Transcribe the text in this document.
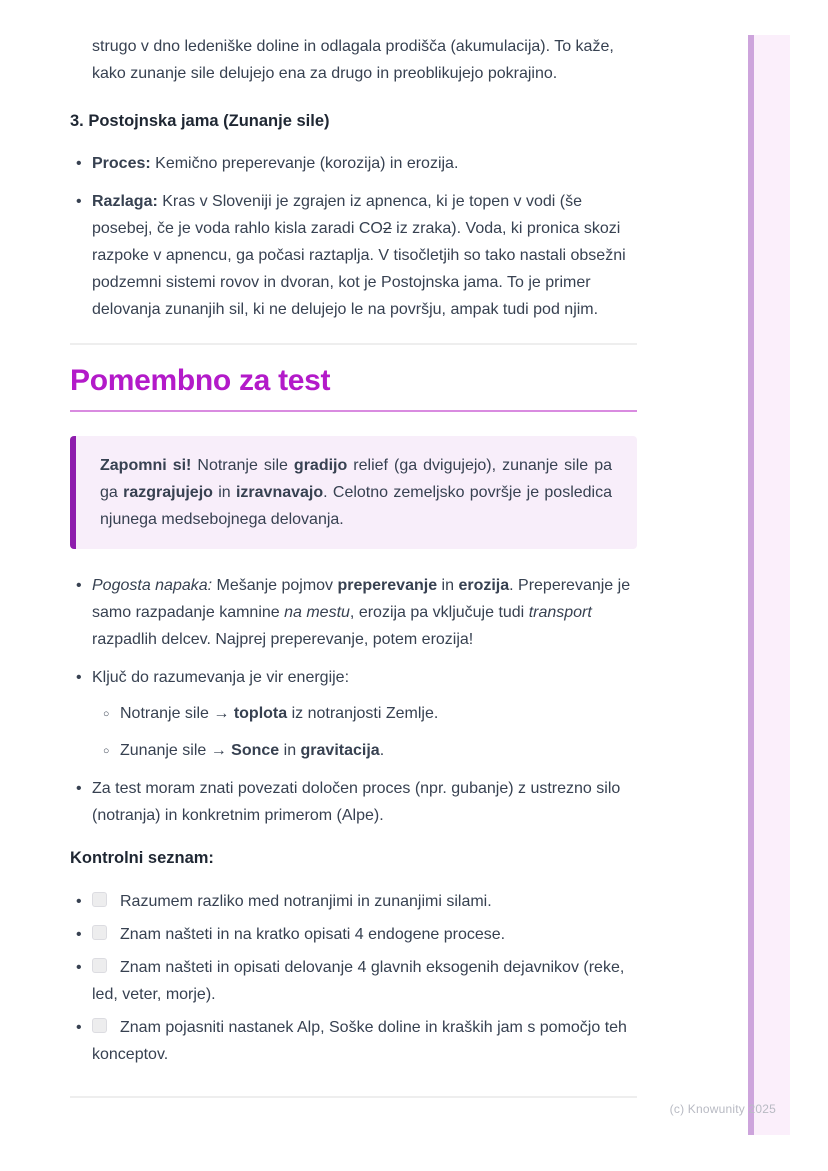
strugo v dno ledeniške doline in odlagala prodišča (akumulacija). To kaže, kako zunanje sile delujejo ena za drugo in preoblikujejo pokrajino.

3. Postojnska jama (Zunanje sile)
• Proces: Kemično preperevanje (korozija) in erozija.
• Razlaga: Kras v Sloveniji je zgrajen iz apnenca, ki je topen v vodi (še posebej, če je voda rahlo kisla zaradi CO2 iz zraka). Voda, ki pronica skozi razpoke v apnencu, ga počasi raztaplja. V tisočletjih so tako nastali obsežni podzemni sistemi rovov in dvoran, kot je Postojnska jama. To je primer delovanja zunanjih sil, ki ne delujejo le na površju, ampak tudi pod njim.
Pomembno za test

Zapomni si! Notranje sile gradijo relief (ga dvigujejo), zunanje sile pa ga razgrajujejo in izravnavajo. Celotno zemeljsko površje je posledica njunega medsebojnega delovanja.

• Pogosta napaka: Mešanje pojmov preperevanje in erozija. Preperevanje je samo razpadanje kamnine na mestu, erozija pa vključuje tudi transport razpadlih delcev. Najprej preperevanje, potem erozija!
• Ključ do razumevanja je vir energije:
○ Notranje sile → toplota iz notranjosti Zemlje.
○ Zunanje sile → Sonce in gravitacija.
• Za test moram znati povezati določen proces (npr. gubanje) z ustrezno silo (notranja) in konkretnim primerom (Alpe).

Kontrolni seznam:

• Razumem razliko med notranjimi in zunanjimi silami.
• Znam našteti in na kratko opisati 4 endogene procese.
• Znam našteti in opisati delovanje 4 glavnih eksogenih dejavnikov (reke, led, veter, morje).
• Znam pojasniti nastanek Alp, Soške doline in kraških jam s pomočjo teh konceptov.
(c) Knowunity 2025
